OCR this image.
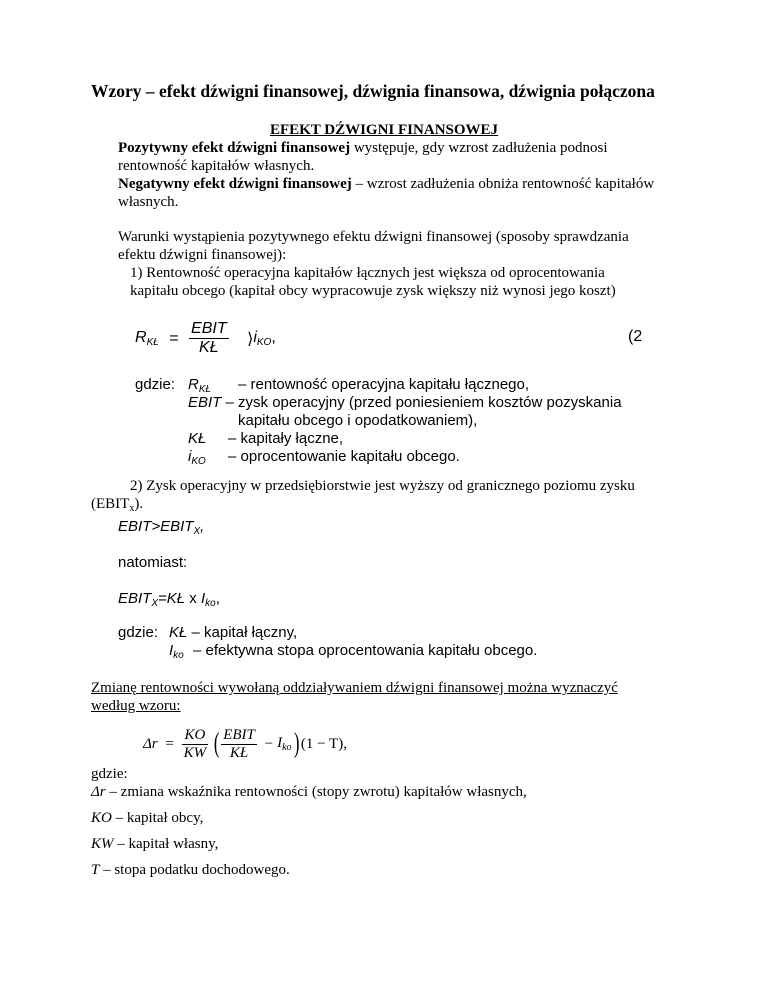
Wzory – efekt dźwigni finansowej, dźwignia finansowa, dźwignia połączona
EFEKT DŹWIGNI FINANSOWEJ
Pozytywny efekt dźwigni finansowej występuje, gdy wzrost zadłużenia podnosi
rentowność kapitałów własnych.
Negatywny efekt dźwigni finansowej – wzrost zadłużenia obniża rentowność kapitałów
własnych.
Warunki wystąpienia pozytywnego efektu dźwigni finansowej (sposoby sprawdzania
efektu dźwigni finansowej):
1) Rentowność operacyjna kapitałów łącznych jest większa od oprocentowania
kapitału obcego (kapitał obcy wypracowuje zysk większy niż wynosi jego koszt)
$R_{KŁ} = \frac{\text{EBIT}}{KŁ}$ $⟩i_{KO}$,	(2
gdzie: $R_{KŁ}$ – rentowność operacyjna kapitału łącznego,
EBIT – zysk operacyjny (przed poniesieniem kosztów pozyskania
kapitału obcego i opodatkowaniem),
KŁ – kapitały łączne,
$i_{KO}$ – oprocentowanie kapitału obcego.
2) Zysk operacyjny w przedsiębiorstwie jest wyższy od granicznego poziomu zysku
$(EBIT_x)$.
$EBIT>EBIT_X$,
natomiast:
$EBIT_X=KŁ$ x $I_{ko}$,
gdzie: KŁ – kapitał łączny,
$I_{ko}$ – efektywna stopa oprocentowania kapitału obcego.
Zmianę rentowności wywołaną oddziaływaniem dźwigni finansowej można wyznaczyć
według wzoru:
$\Delta r = \frac{KO}{KW}$ ( $\frac{\text{EBIT}}{KŁ} - I_{ko}$) (1 − T),
gdzie:
Δr – zmiana wskaźnika rentowności (stopy zwrotu) kapitałów własnych,
KO – kapitał obcy,
KW – kapitał własny,
T – stopa podatku dochodowego.
